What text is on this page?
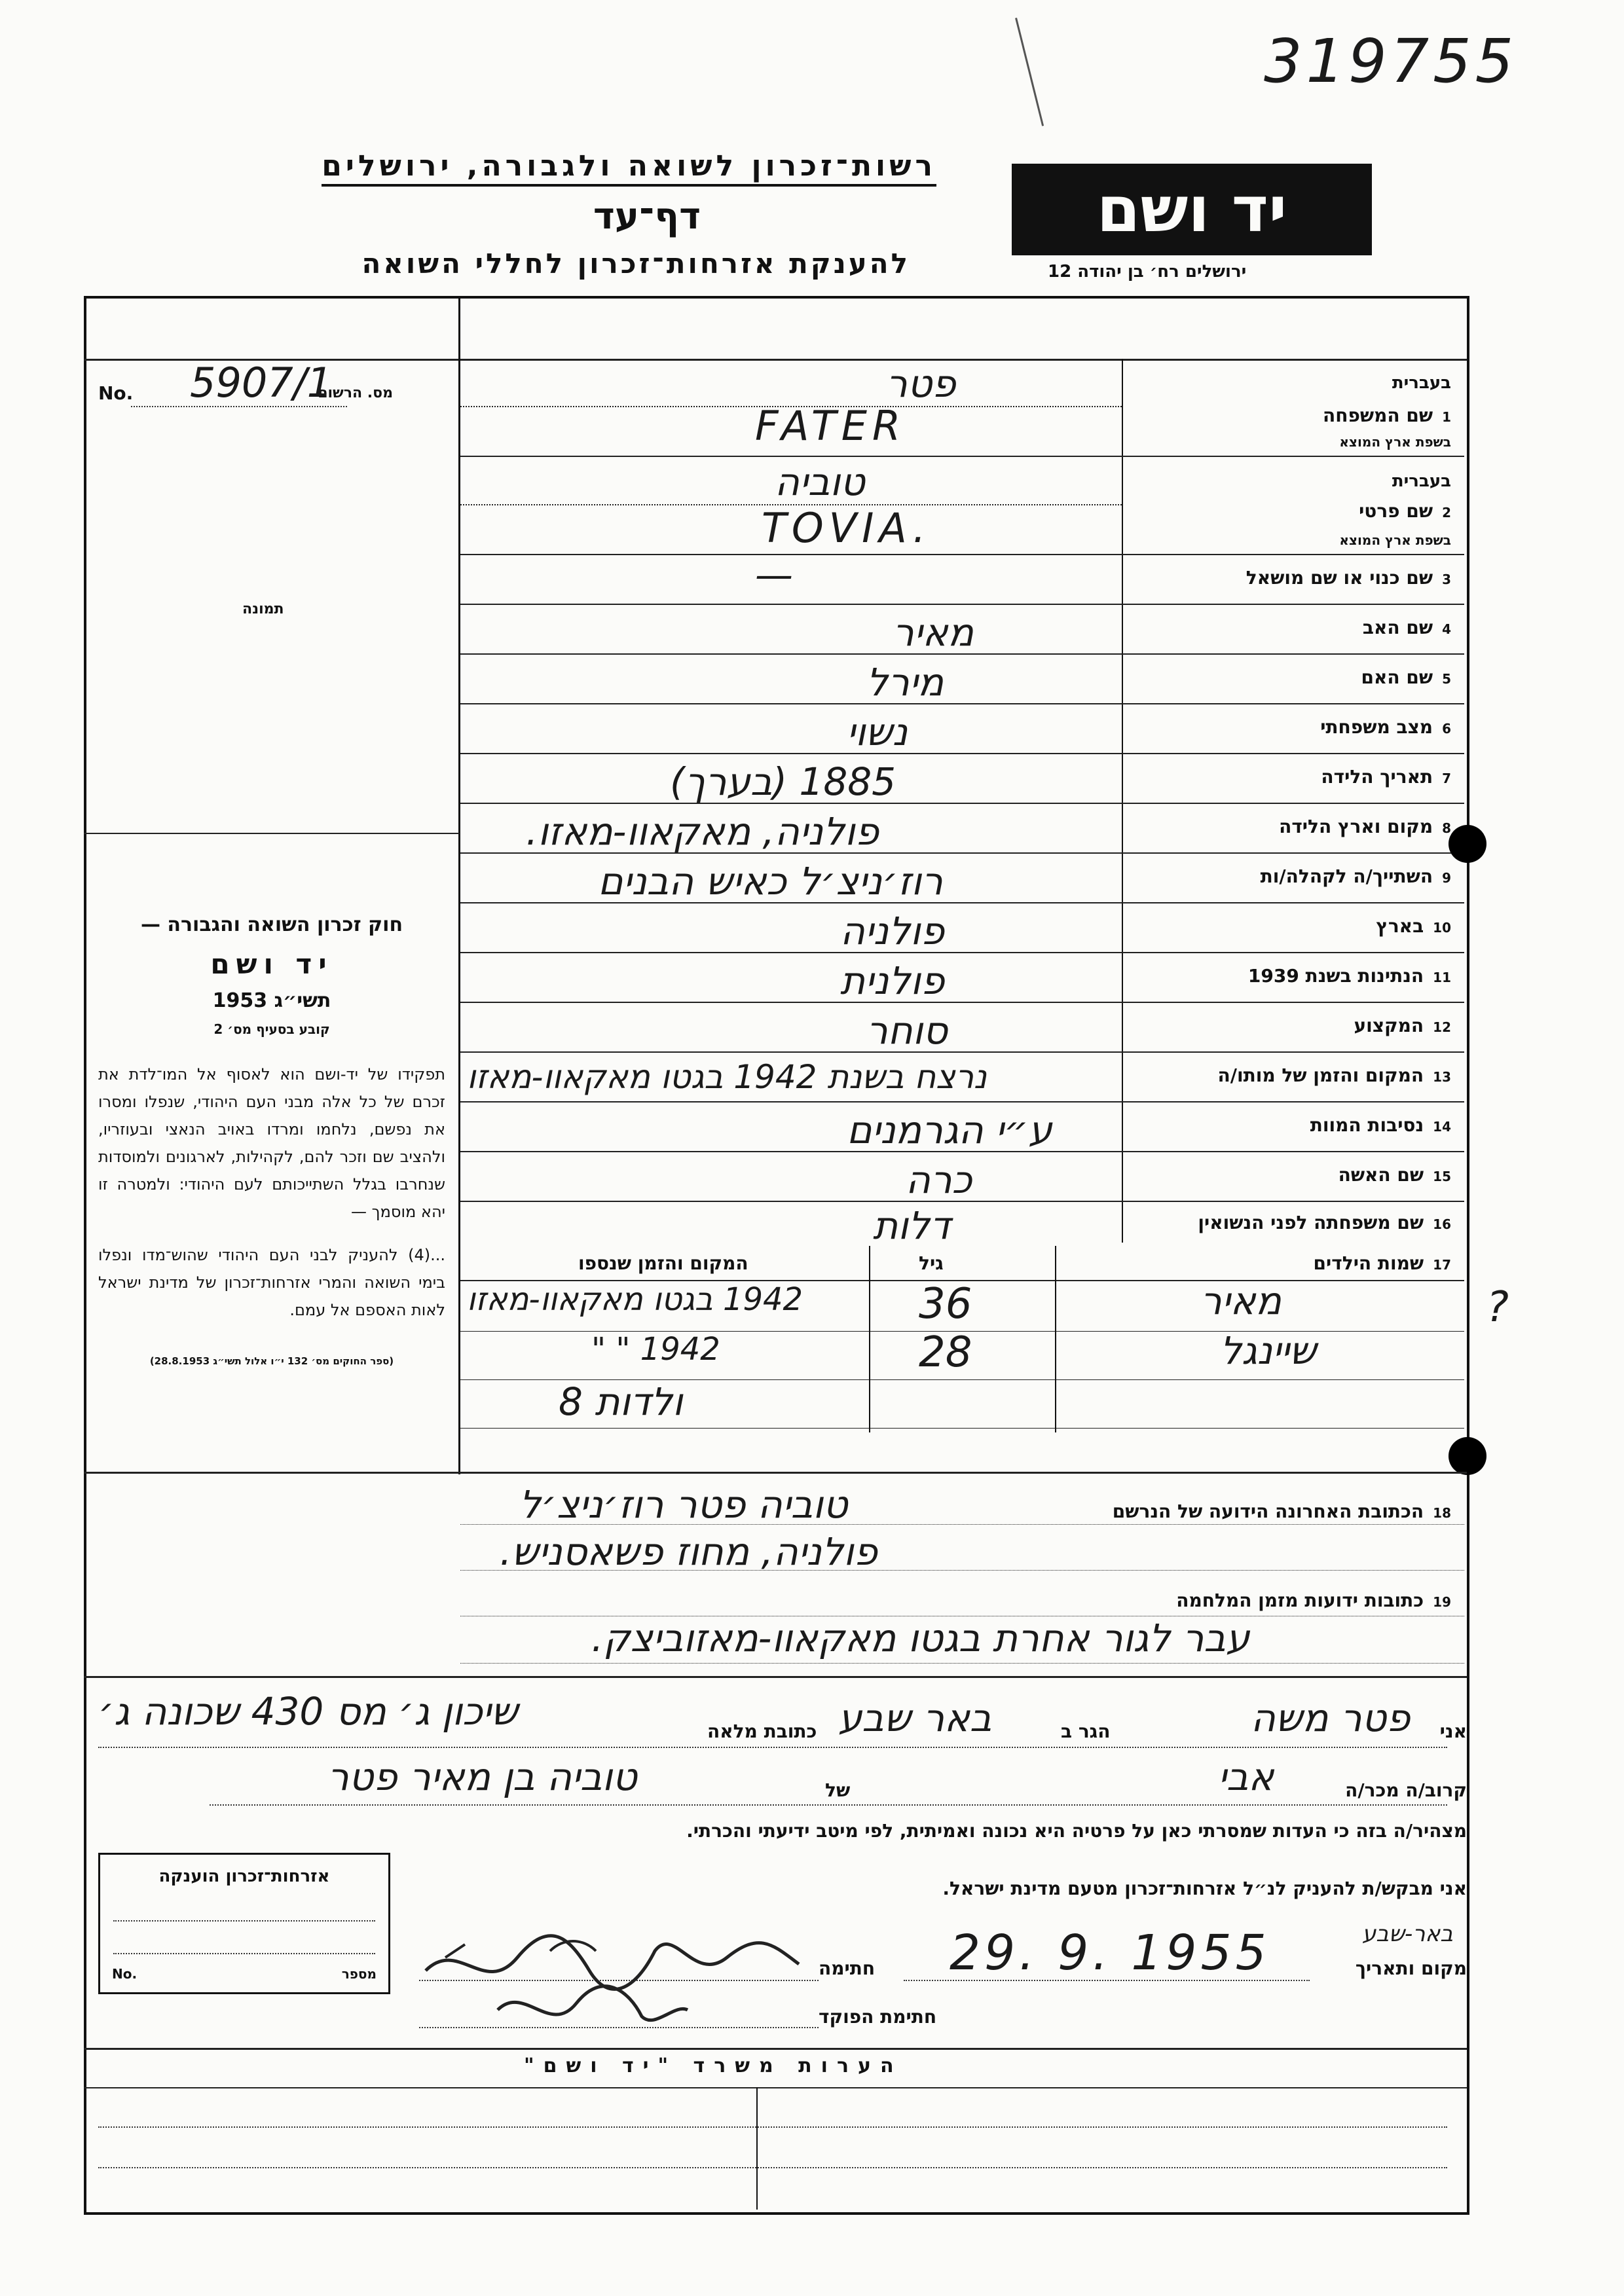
319755
רשות־זכרון לשואה ולגבורה, ירושלים
דף־עד
להענקת אזרחות־זכרון לחללי השואה
יד ושם
ירושלים רח׳ בן יהודה 12
מס. הרשום
No. 5907/1
תמונה
חוק זכרון השואה והגבורה —
יד ושם
תשי״ג 1953
קובע בסעיף מס׳ 2
תפקידו של יד-ושם הוא לאסוף אל המו־לדת את זכרם של כל אלה מבני העם היהודי, שנפלו ומסרו את נפשם, נלחמו ומרדו באויב הנאצי ובעוזריו, ולהציב שם וזכר להם, לקהילות, לארגונים ולמוסדות שנחרבו בגלל השתייכותם לעם היהודי: ולמטרה זו יהא מוסמך —
...(4) להעניק לבני העם היהודי שהוש־מדו ונפלו בימי השואה והמרי אזרחות־זכרון של מדינת ישראל לאות האספם אל עמם.
(ספר החוקים מס׳ 132 י״ו אלול תשי״ג 28.8.1953)
בעברית
1שם המשפחה
בשפת ארץ המוצא
בעברית
2שם פרטי
בשפת ארץ המוצא
3שם כנוי או שם מושאל
4שם האב
5שם האם
6מצב משפחתי
7תאריך הלידה
8מקום וארץ הלידה
9השתייך/ה לקהלה/ות
10בארץ
11הנתינות בשנת 1939
12המקצוע
13המקום והזמן של מותו/ה
14נסיבות המוות
15שם האשה
16שם משפחתה לפני הנשואין
פטר
FATER
טוביה
TOVIA.
—
מאיר
מירל
נשוי
1885 (בערך)
פולניה, מאקאוו-מאזו.
רוז׳ניצ׳ל כאיש הבנים
פולניה
פולנית
סוחר
נרצח בשנת 1942 בגטו מאקאוו-מאזו
ע״י הגרמנים
כרה
דלות
17שמות הילדים
גיל
המקום והזמן שנספו
מאיר
36
1942 בגטו מאקאוו-מאזו
שיינגל
28
1942 " "
ולדות 8
?
18הכתובת האחרונה הידועה של הנרשם
טוביה פטר רוז׳ניצ׳ל
פולניה, מחוז פשאסניש.
19כתובות ידועות מזמן המלחמה
עבר לגור אחרת בגטו מאקאוו-מאזוביצק.
אני
פטר משה
הגר ב
באר שבע
כתובת מלאה
שיכון ג׳ מס 430 שכונה ג׳
קרוב/ה מכר/ה
אבי
של
טוביה בן מאיר פטר
מצהיר/ה בזה כי העדות שמסרתי כאן על פרטיה היא נכונה ואמיתית, לפי מיטב ידיעתי והכרתי.
אני מבקש/ת להעניק לנ״ל אזרחות־זכרון מטעם מדינת ישראל.
באר-שבע
מקום ותאריך
29. 9. 1955
חתימה
חתימת הפוקד
אזרחות־זכרון הוענקה
No.	מספר
הערות משרד "יד ושם"
